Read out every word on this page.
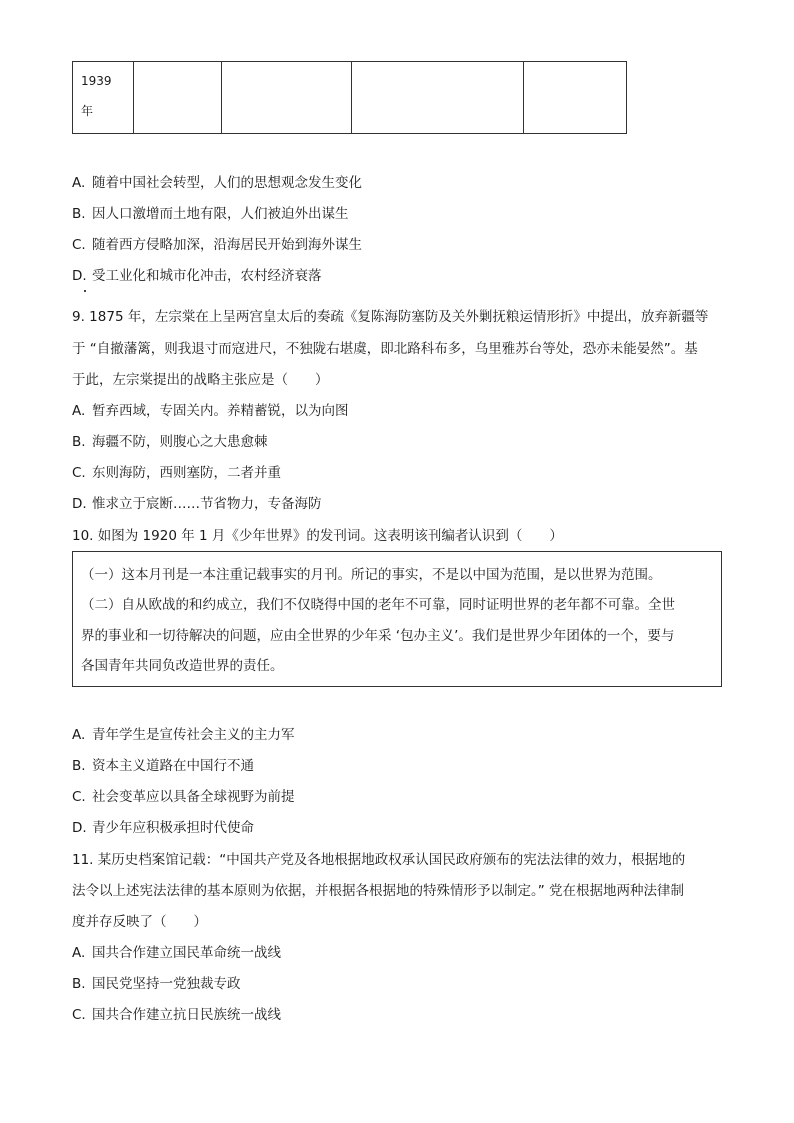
1939
年

A. 随着中国社会转型，人们的思想观念发生变化
B. 因人口激增而土地有限，人们被迫外出谋生
C. 随着西方侵略加深，沿海居民开始到海外谋生
D. 受工业化和城市化冲击，农村经济衰落
9. 1875 年，左宗棠在上呈两宫皇太后的奏疏《复陈海防塞防及关外剿抚粮运情形折》中提出，放弃新疆等
于 “自撤藩篱，则我退寸而寇进尺，不独陇右堪虞，即北路科布多，乌里雅苏台等处，恐亦未能晏然”。基
于此，左宗棠提出的战略主张应是（　　）
A. 暂弃西域，专固关内。养精蓄锐，以为向图
B. 海疆不防，则腹心之大患愈棘
C. 东则海防，西则塞防，二者并重
D. 惟求立于宸断……节省物力，专备海防
10. 如图为 1920 年 1 月《少年世界》的发刊词。这表明该刊编者认识到（　　）
（一）这本月刊是一本注重记载事实的月刊。所记的事实，不是以中国为范围，是以世界为范围。
（二）自从欧战的和约成立，我们不仅晓得中国的老年不可靠，同时证明世界的老年都不可靠。全世
界的事业和一切待解决的问题，应由全世界的少年采 ‘包办主义’。我们是世界少年团体的一个，要与
各国青年共同负改造世界的责任。
A. 青年学生是宣传社会主义的主力军
B. 资本主义道路在中国行不通
C. 社会变革应以具备全球视野为前提
D. 青少年应积极承担时代使命
11. 某历史档案馆记载：“中国共产党及各地根据地政权承认国民政府颁布的宪法法律的效力，根据地的
法令以上述宪法法律的基本原则为依据，并根据各根据地的特殊情形予以制定。” 党在根据地两种法律制
度并存反映了（　　）
A. 国共合作建立国民革命统一战线
B. 国民党坚持一党独裁专政
C. 国共合作建立抗日民族统一战线
